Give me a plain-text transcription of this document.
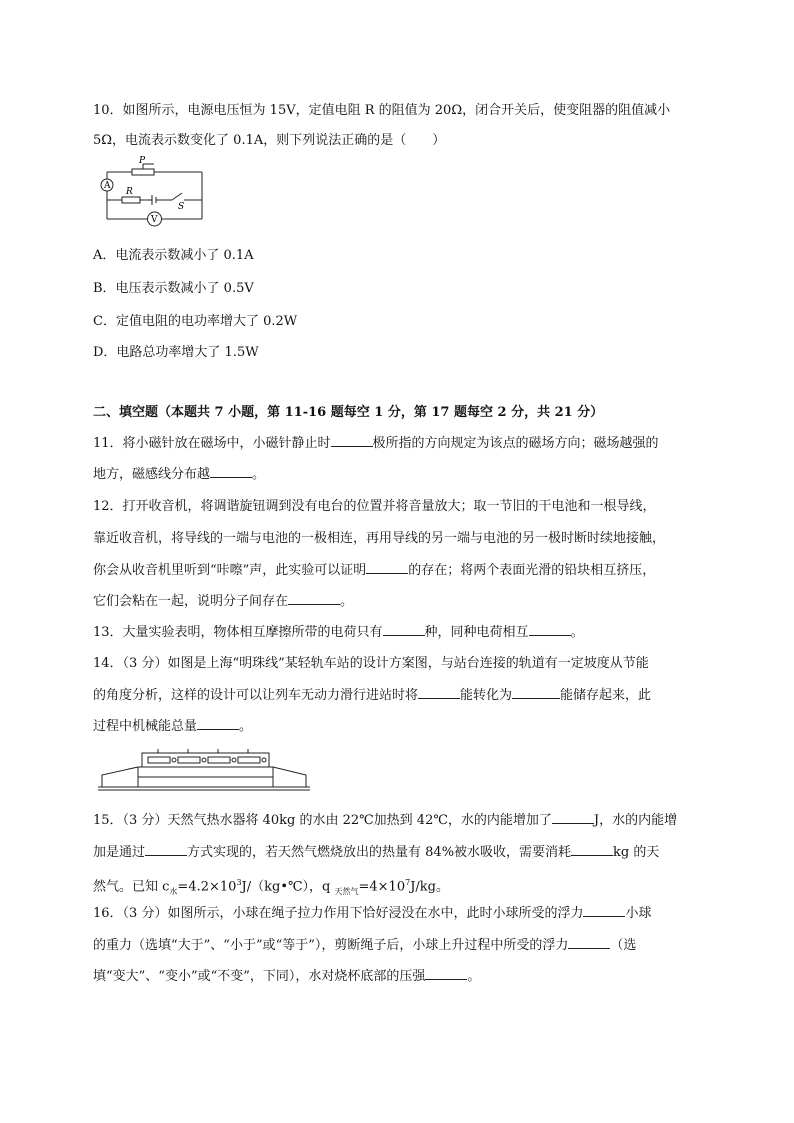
10．如图所示，电源电压恒为 15V，定值电阻 R 的阻值为 20Ω，闭合开关后，使变阻器的阻值减小
5Ω，电流表示数变化了 0.1A，则下列说法正确的是（　　）
P
A
R
S
V
A．电流表示数减小了 0.1A
B．电压表示数减小了 0.5V
C．定值电阻的电功率增大了 0.2W
D．电路总功率增大了 1.5W
二、填空题（本题共 7 小题，第 11-16 题每空 1 分，第 17 题每空 2 分，共 21 分）
11．将小磁针放在磁场中，小磁针静止时	极所指的方向规定为该点的磁场方向；磁场越强的
地方，磁感线分布越	。
12．打开收音机，将调谐旋钮调到没有电台的位置并将音量放大；取一节旧的干电池和一根导线，
靠近收音机，将导线的一端与电池的一极相连，再用导线的另一端与电池的另一极时断时续地接触，
你会从收音机里听到“咔嚓”声，此实验可以证明	的存在；将两个表面光滑的铅块相互挤压，
它们会粘在一起，说明分子间存在	。
13．大量实验表明，物体相互摩擦所带的电荷只有	种，同种电荷相互	。
14．（3 分）如图是上海“明珠线”某轻轨车站的设计方案图，与站台连接的轨道有一定坡度从节能
的角度分析，这样的设计可以让列车无动力滑行进站时将	能转化为	能储存起来，此
过程中机械能总量	。
15．（3 分）天然气热水器将 40kg 的水由 22℃加热到 42℃，水的内能增加了	J，水的内能增
加是通过	方式实现的，若天然气燃烧放出的热量有 84%被水吸收，需要消耗	kg 的天
然气。已知 $c_水=4.2\times 10^3J/(kg•℃)$，q $_{天然气}=4\times 10^7J/kg$。
16．（3 分）如图所示，小球在绳子拉力作用下恰好浸没在水中，此时小球所受的浮力	小球
的重力（选填“大于”、“小于”或“等于”），剪断绳子后，小球上升过程中所受的浮力	（选
填“变大”、“变小”或“不变”，下同），水对烧杯底部的压强	。
